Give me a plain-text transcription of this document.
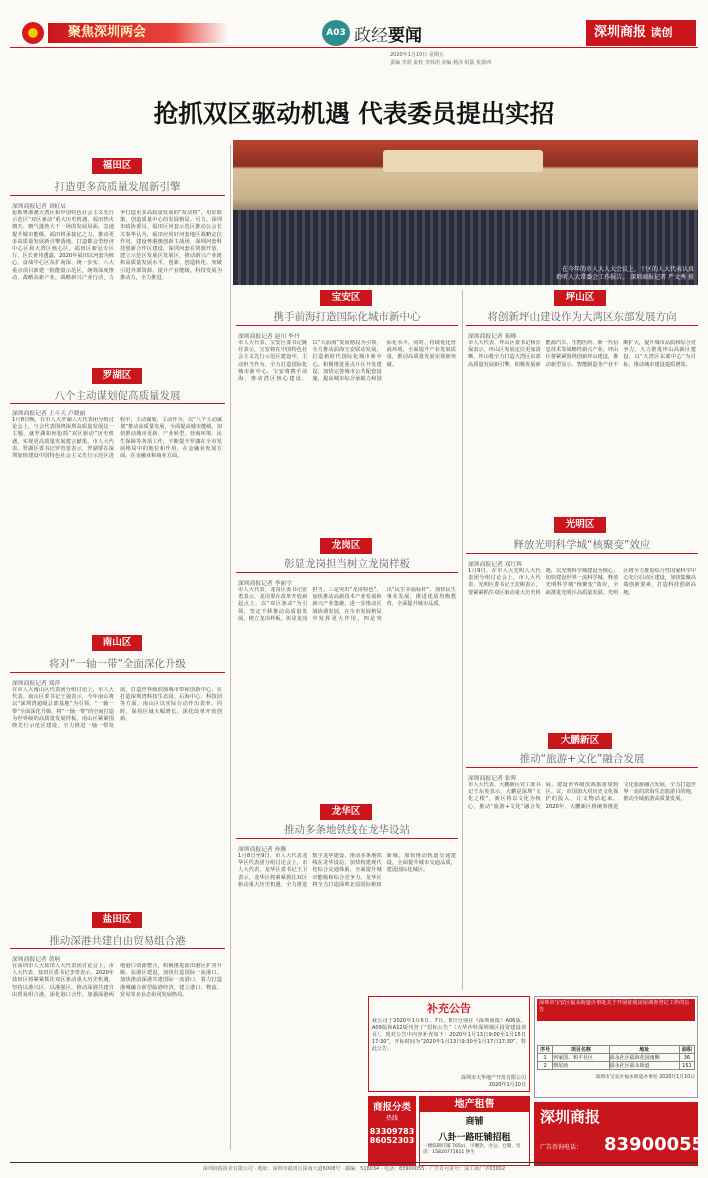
聚焦深圳两会	A03 政经要闻
2020年1月10日 星期五
责编 李湛 责校 李林玥 美编 杨莎 组版 优源西
深圳商报 读创
抢抓双区驱动机遇 代表委员提出实招
在今年的市人大人大会议上，十区的人大代表认真
聆听人大常委会工作报告。 深圳商报记者 严文秀 摄
福田区
打造更多高质量发展新引擎
深圳商报记者 刘虹辰
抢抓粤港澳大湾区和中国特色社会主义先行示范区“双区驱动”重大历史机遇，福田热火朝天、朝气蓬勃大干一场的发展局面，急速提升城市能级。福田将承接亿之力，推动更多高质量发展新引擎落地，打造都会型经济中心区和大湾区核心区。福田区新冠专区行、区长黄伟透露，2020年福田以河套为核心，奋战中心区东扩南深、统一步实、八大重点项目新建一批能量示范区，统筹深度推动、战略高新产业，战略新兴产业行动，力争打造更多高质量发展的“发动机”，用好政策，创造质量中心的发展格局。可力。深圳市政协委员、福田区河套示范区推动公会长关秦华认为，福田应用好河套地区战略定位作用，建设粤港澳创新主战场，深圳河套科技创新合作区建设，深圳河套在资源开放、建立示范区发展区发展区，推动新兴产业链和高质量发展水平，创新、创造转化、突破引进外部资源，提升产业能级。科技发展为推动力，全力推进。
罗湖区
八个主动谋划促高质量发展
深圳商报记者 王斗天 卢晓丽
1月8日晚，在市人大罗湖人大代表团分组讨论会上，与会代表围绕深圳高质量发展这一主题，就罗湖如何抢抓“双区驱动”历史机遇，实现更高质量发展建言献策。市人大代表、罗湖区委书记罗育宽表示，罗湖要在深圳加快建设中国特色社会主义先行示范区进程中，主动谋划、主动作为，以“八个主动谋划”推动高质量发展，全面提高城市能级，加快推动城市更新、产业转型、营商环境、民生保障等各项工作，不断提升罗湖在全市发展格局中的地位和作用。在金融业发展方面，在金融业和商业方面。
南山区
将对“一轴一带”全面深化升级
深圳商报记者 郑萍
在市人大南山区代表团分组讨论上，市人大代表、南山区委书记王强表示，今年南山将以“深圳湾超级总部基地”为引领，“一轴一带”全面深化升级，将“一轴一带”的空间打造为世界级的高质量发展样板。南山区紧紧围绕先行示范区建设，全力推进一轴一带发展，打造世界级滨海城市带和创新中心。在打造深圳湾科技生态园、后海中心、科技园等方面，南山区以实际行动作出表率。同时，保持区域大幅增长，深化改革开放创新。
盐田区
推动深港共建自由贸易组合港
深圳商报记者 黄舸
在深圳市人大盐田人大代表团讨论会上，市人大代表、盐田区委书记李青表示，2020年盐田区将紧紧抓住双区驱动重大历史机遇，坚持以港兴区、以港强区，推动深港共建自由贸易组合港，深化港口合作，加强深港两地港口资源整合，积极推进盐田港区扩容升级、东港区建设，加快打造国际一流港口。加快推动深港共建国际一流港口，着力打造港城融合新型临港经济，建立港口、物流、贸易等多业态协同发展格局。
宝安区
携手前海打造国际化城市新中心
深圳商报记者 赵川 李丹
市人大代表、宝安区委书记姚任表示，宝安将在中国特色社会主义先行示范区建设中，主动担当作为，全力打造国际化城市新中心。宝安将携手前海，推动湾区核心建设，以“大前海”发展格局为引领，全力推动前海宝安联动发展，打造新时代国际化城市新中心。积极推进重点片区开发建设，加快完善城市公共配套设施，提高城市综合承载力和国际化水平。同时，持续优化营商环境，全面提升产业发展质量，推动高质量发展实现新突破。
龙岗区
彰显龙岗担当树立龙岗样板
深圳商报记者 李丽宇
市人大代表、龙岗区委书记张勇表示，龙岗要在改革开放新起点上，以“双区驱动”为引领，坚定不移推动高质量发展，树立龙岗样板，彰显龙岗担当。三是突出“龙岗特色”，加快推动高新技术产业发展和新兴产业集聚，进一步推动区域协调发展，在全市发展格局中发挥更大作用。四是突出“民生幸福标杆”，加快民生事业发展，推进优质均衡教育，全面提升城市品质。
龙华区
推动多条地铁线在龙华设站
深圳商报记者 孙腾
1月8日至9日，市人大代表龙华区代表团分组讨论会上，市人大代表、龙华区委书记王卫表示，龙华区将紧紧抓住双区驱动重大历史机遇，全力推进数字龙华建设，推动多条地铁线在龙华设站，加快构建现代化综合交通体系，全面提升城市能级和综合竞争力。龙华区将全力打造深圳北站国际枢纽新城，加快推动轨道交通建设，全面提升城市交通品质，建设国际化城区。
坪山区
将创新坪山建设作为大湾区东部发展方向
深圳商报记者 蒋峰
市人大代表、坪山区委书记杨长保表示，坪山区发展定位更加清晰，坪山将全力打造大湾区东部高质量发展新引擎，积极发展新能源汽车、生物医药、新一代信息技术等战略性新兴产业。坪山区将紧紧围绕创新坪山建设，推动新型显示、智能制造等产业不断扩大，提升城市品质和综合竞争力。大力推进坪山高新区建设，以“大湾区东部中心”为目标，推动城市建设提质增效。
光明区
释放光明科学城“核聚变”效应
深圳商报记者 邓红辉
1月9日，在市人大光明人大代表团分组讨论会上，市人大代表、光明区委书记王宏彬表示，要紧紧抓住双区驱动重大历史机遇，以光明科学城建设为核心，加快建设世界一流科学城，释放光明科学城“核聚变”效应，全面推进光明区高质量发展。光明区将全力推进综合性国家科学中心先行启动区建设，加快集聚高端创新要素，打造科技创新高地。
大鹏新区
推动“旅游+文化”融合发展
深圳商报记者 张晖
市人大代表、大鹏新区党工委书记王东英表示，大鹏是深圳“文化之根”，新区将以文化为核心，推动“旅游+文化”融合发展，建设世界级滨海旅游度假区。议，市国加大对历史文化保护的投入，让文物活起来。2020年，大鹏新区将统筹推进文化旅游融合发展，全力打造世界一流的滨海生态旅游目的地，推动全域旅游高质量发展。
补充公告
我公司于2020年1月6日、7日、8日分别在《深圳商报》A06版、A09版和A12版刊登了“招标公告”（大华沙特深圳城区投资建设项目），现对公告中内容补充如下：2020年1月13日9:00至1月15日17:30”，开标时间为“2020年1月13日9:30至1月17日17:30”，特此公告。
深圳市大华地产开发有限公司
2020年1月10日
深圳市宝安区福永街道办事处关于开展征收房屋调查登记工作的公告
序号	项目名称	地址	面积
1	何家围、和平社区	福永社区福海花园南侧	36
2	塘尾商	福永社区福永街道	151
深圳市宝安区福永街道办事处 2020年1月10日
商报分类
热线
83309783
86052303
地产租售
商铺
八卦一路旺铺招租
一楼临街旺铺 765㎡，可餐饮、办公、仓储，电话：15820771611 钟生
深圳商报
广告咨询电话： 83900055
深圳商报报业有限公司 · 地址：深圳市福田区深南大道6008号 · 邮编：518034 · 电话：83900055 · 广告许可证号：深工商广字03002
